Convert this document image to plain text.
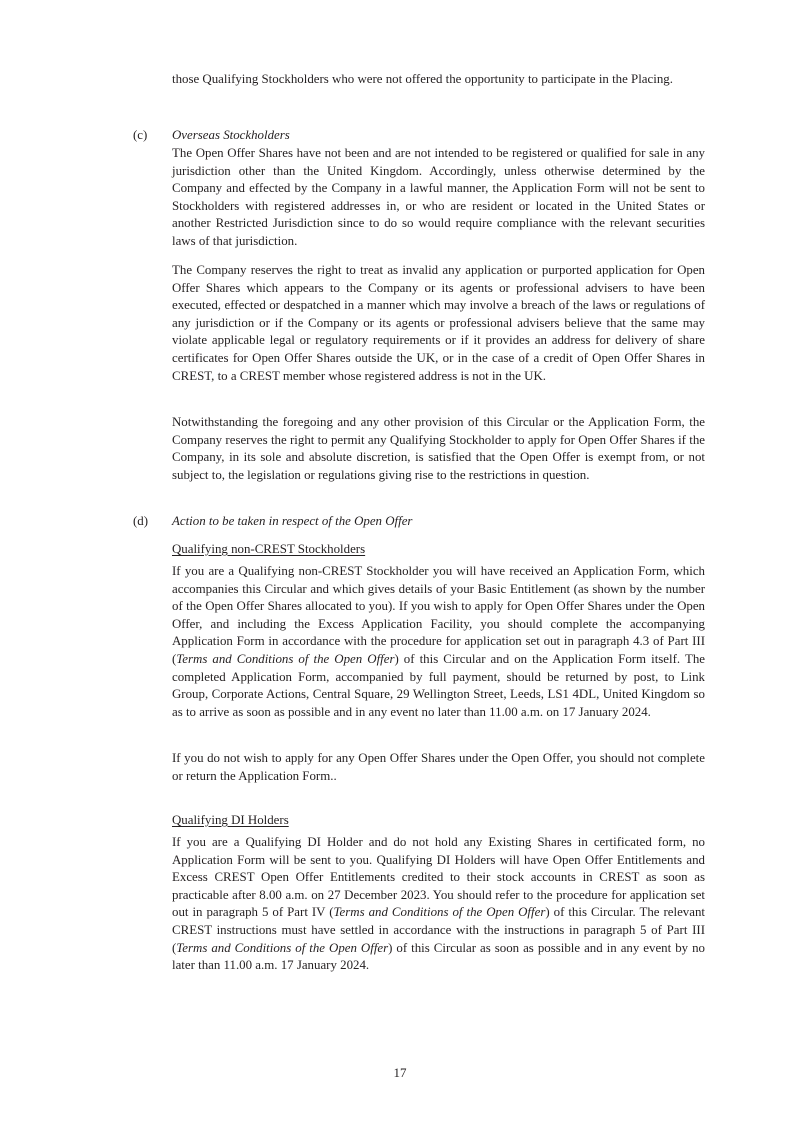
those Qualifying Stockholders who were not offered the opportunity to participate in the Placing.

(c) Overseas Stockholders

The Open Offer Shares have not been and are not intended to be registered or qualified for sale in any jurisdiction other than the United Kingdom. Accordingly, unless otherwise determined by the Company and effected by the Company in a lawful manner, the Application Form will not be sent to Stockholders with registered addresses in, or who are resident or located in the United States or another Restricted Jurisdiction since to do so would require compliance with the relevant securities laws of that jurisdiction.

The Company reserves the right to treat as invalid any application or purported application for Open Offer Shares which appears to the Company or its agents or professional advisers to have been executed, effected or despatched in a manner which may involve a breach of the laws or regulations of any jurisdiction or if the Company or its agents or professional advisers believe that the same may violate applicable legal or regulatory requirements or if it provides an address for delivery of share certificates for Open Offer Shares outside the UK, or in the case of a credit of Open Offer Shares in CREST, to a CREST member whose registered address is not in the UK.

Notwithstanding the foregoing and any other provision of this Circular or the Application Form, the Company reserves the right to permit any Qualifying Stockholder to apply for Open Offer Shares if the Company, in its sole and absolute discretion, is satisfied that the Open Offer is exempt from, or not subject to, the legislation or regulations giving rise to the restrictions in question.

(d) Action to be taken in respect of the Open Offer
Qualifying non-CREST Stockholders

If you are a Qualifying non-CREST Stockholder you will have received an Application Form, which accompanies this Circular and which gives details of your Basic Entitlement (as shown by the number of the Open Offer Shares allocated to you). If you wish to apply for Open Offer Shares under the Open Offer, and including the Excess Application Facility, you should complete the accompanying Application Form in accordance with the procedure for application set out in paragraph 4.3 of Part III (Terms and Conditions of the Open Offer) of this Circular and on the Application Form itself. The completed Application Form, accompanied by full payment, should be returned by post, to Link Group, Corporate Actions, Central Square, 29 Wellington Street, Leeds, LS1 4DL, United Kingdom so as to arrive as soon as possible and in any event no later than 11.00 a.m. on 17 January 2024.

If you do not wish to apply for any Open Offer Shares under the Open Offer, you should not complete or return the Application Form..

Qualifying DI Holders

If you are a Qualifying DI Holder and do not hold any Existing Shares in certificated form, no Application Form will be sent to you. Qualifying DI Holders will have Open Offer Entitlements and Excess CREST Open Offer Entitlements credited to their stock accounts in CREST as soon as practicable after 8.00 a.m. on 27 December 2023. You should refer to the procedure for application set out in paragraph 5 of Part IV (Terms and Conditions of the Open Offer) of this Circular. The relevant CREST instructions must have settled in accordance with the instructions in paragraph 5 of Part III (Terms and Conditions of the Open Offer) of this Circular as soon as possible and in any event by no later than 11.00 a.m. 17 January 2024.

17
